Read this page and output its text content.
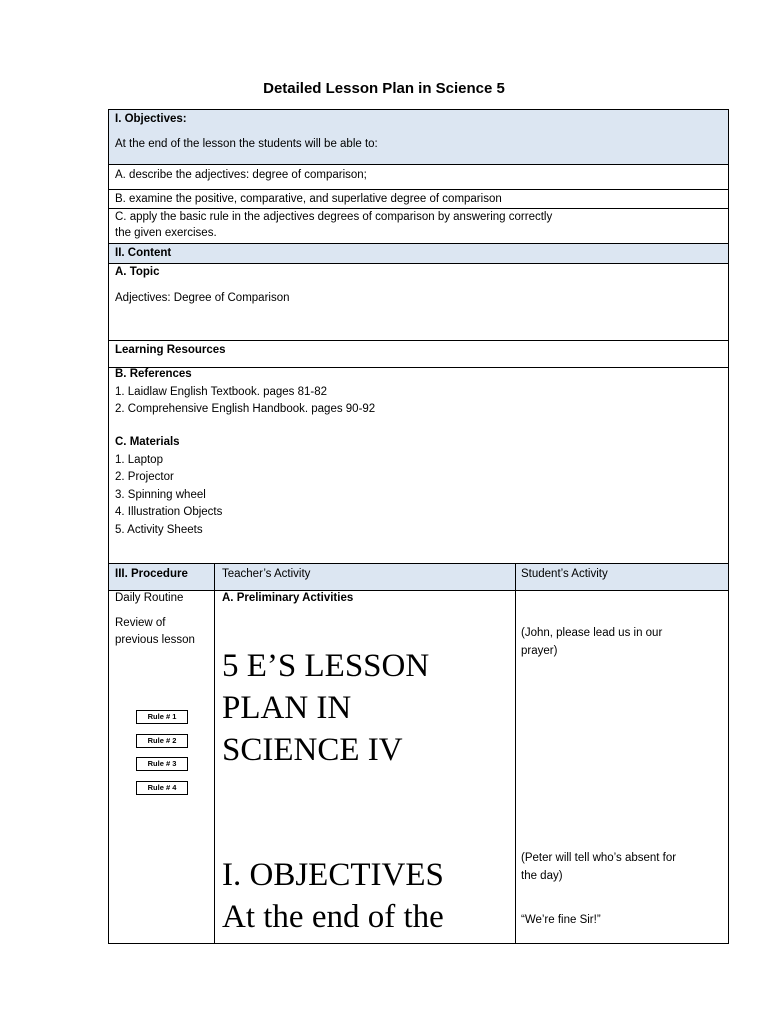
Detailed Lesson Plan in Science 5
I. Objectives:
At the end of the lesson the students will be able to:
A. describe the adjectives: degree of comparison;
B. examine the positive, comparative, and superlative degree of comparison
C. apply the basic rule in the adjectives degrees of comparison by answering correctly
the given exercises.
II. Content
A. Topic
Adjectives: Degree of Comparison
Learning Resources
B. References
1. Laidlaw English Textbook. pages 81-82
2. Comprehensive English Handbook. pages 90-92
C. Materials
1. Laptop
2. Projector
3. Spinning wheel
4. Illustration Objects
5. Activity Sheets
III. Procedure	Teacher’s Activity	Student’s Activity
Daily Routine
Review of
previous lesson
Rule # 1
Rule # 2
Rule # 3
Rule # 4
A. Preliminary Activities
5 E’S LESSON
PLAN IN
SCIENCE IV
I. OBJECTIVES
At the end of the
(John, please lead us in our
prayer)
(Peter will tell who’s absent for
the day)
“We’re fine Sir!”
